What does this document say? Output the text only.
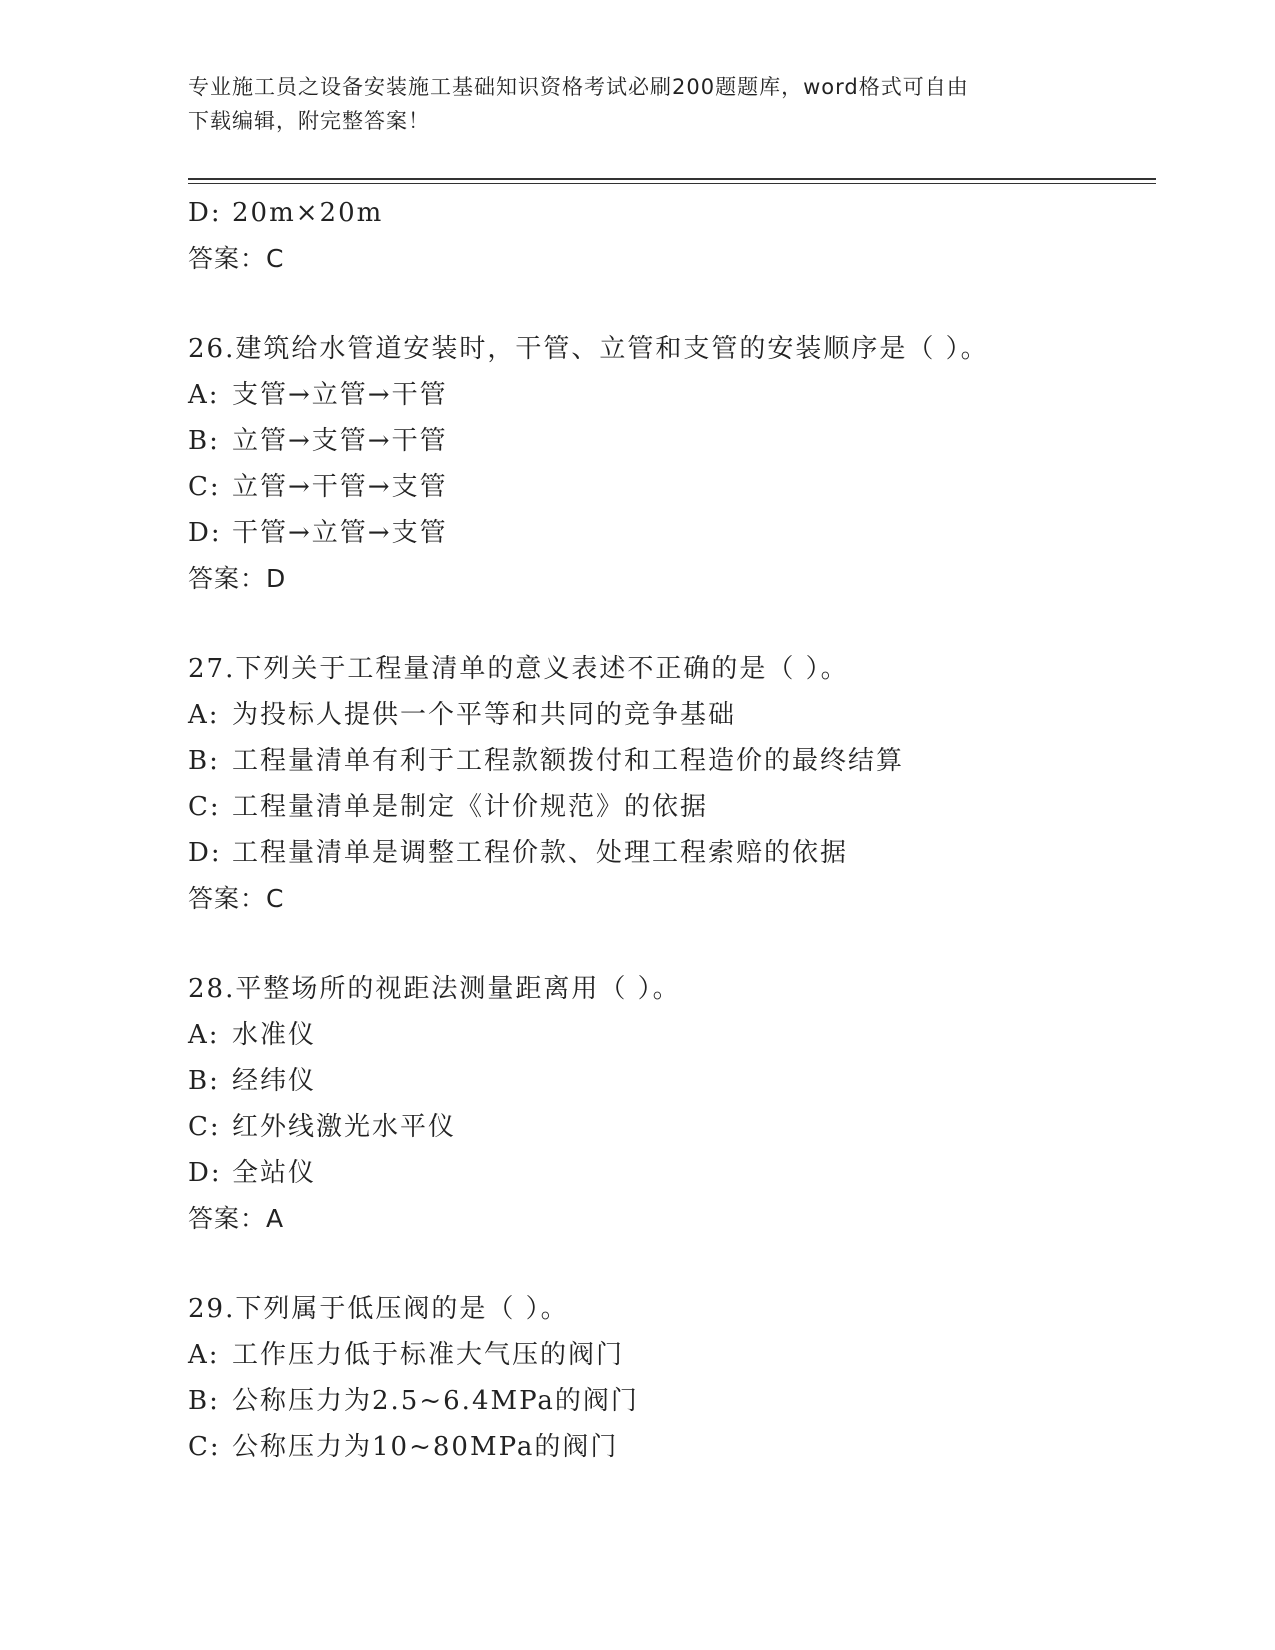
专业施工员之设备安装施工基础知识资格考试必刷200题题库，word格式可自由
下载编辑，附完整答案！
D: 20m×20m
答案：C
26.建筑给水管道安装时，干管、立管和支管的安装顺序是（ ）。
A: 支管→立管→干管
B: 立管→支管→干管
C: 立管→干管→支管
D: 干管→立管→支管
答案：D
27.下列关于工程量清单的意义表述不正确的是（ ）。
A: 为投标人提供一个平等和共同的竞争基础
B: 工程量清单有利于工程款额拨付和工程造价的最终结算
C: 工程量清单是制定《计价规范》的依据
D: 工程量清单是调整工程价款、处理工程索赔的依据
答案：C
28.平整场所的视距法测量距离用（ ）。
A: 水准仪
B: 经纬仪
C: 红外线激光水平仪
D: 全站仪
答案：A
29.下列属于低压阀的是（ ）。
A: 工作压力低于标准大气压的阀门
B: 公称压力为2.5~6.4MPa的阀门
C: 公称压力为10~80MPa的阀门
